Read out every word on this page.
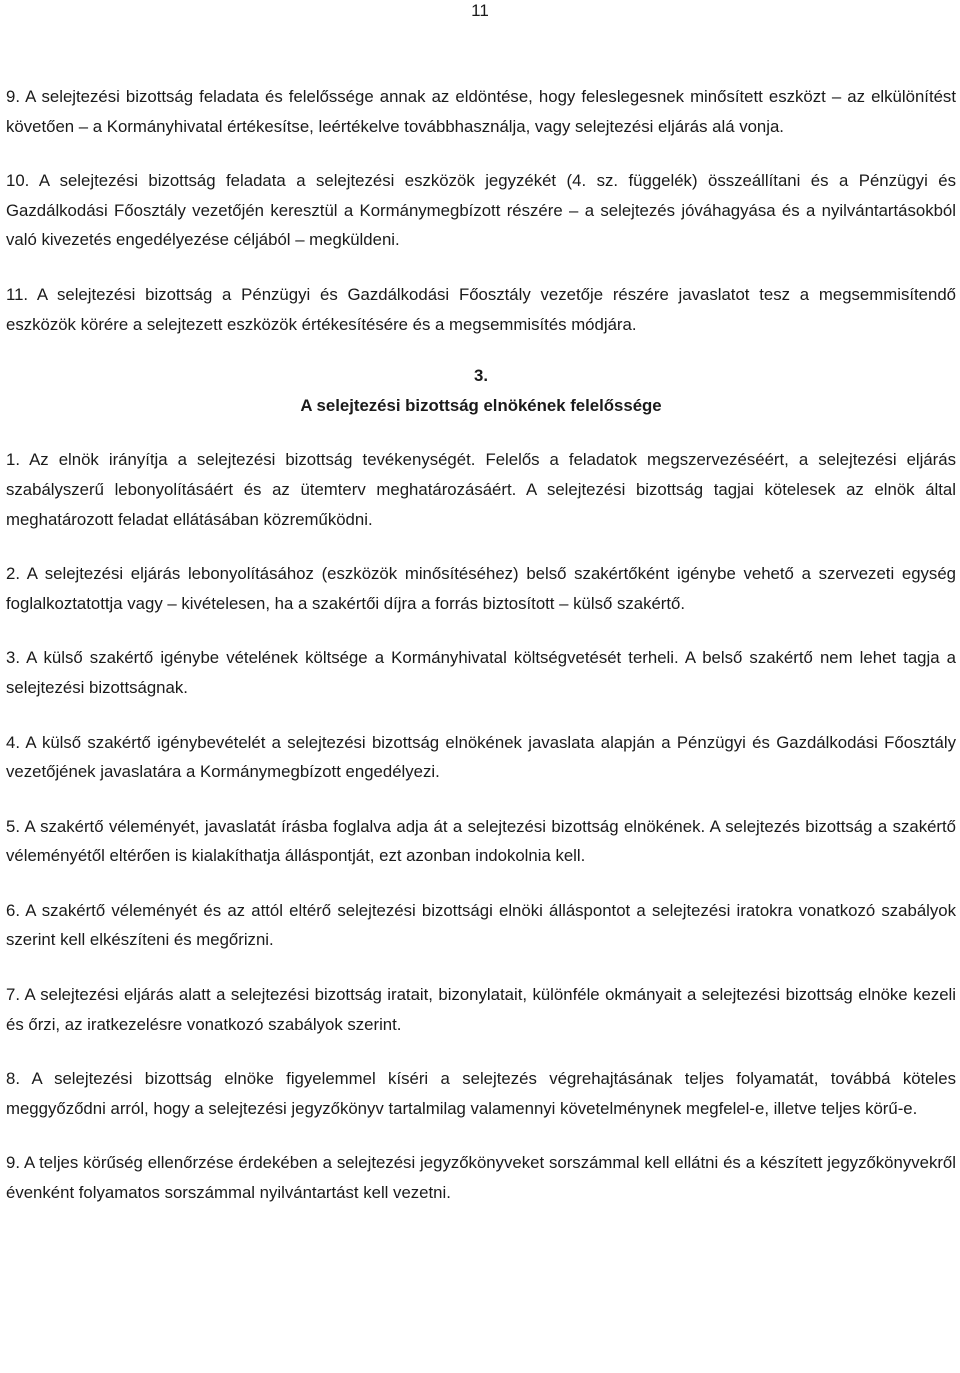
11

9. A selejtezési bizottság feladata és felelőssége annak az eldöntése, hogy feleslegesnek minősített eszközt – az elkülönítést követően – a Kormányhivatal értékesítse, leértékelve továbbhasználja, vagy selejtezési eljárás alá vonja.

10. A selejtezési bizottság feladata a selejtezési eszközök jegyzékét (4. sz. függelék) összeállítani és a Pénzügyi és Gazdálkodási Főosztály vezetőjén keresztül a Kormánymegbízott részére – a selejtezés jóváhagyása és a nyilvántartásokból való kivezetés engedélyezése céljából – megküldeni.

11. A selejtezési bizottság a Pénzügyi és Gazdálkodási Főosztály vezetője részére javaslatot tesz a megsemmisítendő eszközök körére a selejtezett eszközök értékesítésére és a megsemmisítés módjára.

3.
A selejtezési bizottság elnökének felelőssége

1. Az elnök irányítja a selejtezési bizottság tevékenységét. Felelős a feladatok megszervezéséért, a selejtezési eljárás szabályszerű lebonyolításáért és az ütemterv meghatározásáért. A selejtezési bizottság tagjai kötelesek az elnök által meghatározott feladat ellátásában közreműködni.

2. A selejtezési eljárás lebonyolításához (eszközök minősítéséhez) belső szakértőként igénybe vehető a szervezeti egység foglalkoztatottja vagy – kivételesen, ha a szakértői díjra a forrás biztosított – külső szakértő.

3. A külső szakértő igénybe vételének költsége a Kormányhivatal költségvetését terheli. A belső szakértő nem lehet tagja a selejtezési bizottságnak.

4. A külső szakértő igénybevételét a selejtezési bizottság elnökének javaslata alapján a Pénzügyi és Gazdálkodási Főosztály vezetőjének javaslatára a Kormánymegbízott engedélyezi.

5. A szakértő véleményét, javaslatát írásba foglalva adja át a selejtezési bizottság elnökének. A selejtezés bizottság a szakértő véleményétől eltérően is kialakíthatja álláspontját, ezt azonban indokolnia kell.

6. A szakértő véleményét és az attól eltérő selejtezési bizottsági elnöki álláspontot a selejtezési iratokra vonatkozó szabályok szerint kell elkészíteni és megőrizni.

7. A selejtezési eljárás alatt a selejtezési bizottság iratait, bizonylatait, különféle okmányait a selejtezési bizottság elnöke kezeli és őrzi, az iratkezelésre vonatkozó szabályok szerint.

8. A selejtezési bizottság elnöke figyelemmel kíséri a selejtezés végrehajtásának teljes folyamatát, továbbá köteles meggyőződni arról, hogy a selejtezési jegyzőkönyv tartalmilag valamennyi követelménynek megfelel-e, illetve teljes körű-e.

9. A teljes körűség ellenőrzése érdekében a selejtezési jegyzőkönyveket sorszámmal kell ellátni és a készített jegyzőkönyvekről évenként folyamatos sorszámmal nyilvántartást kell vezetni.
